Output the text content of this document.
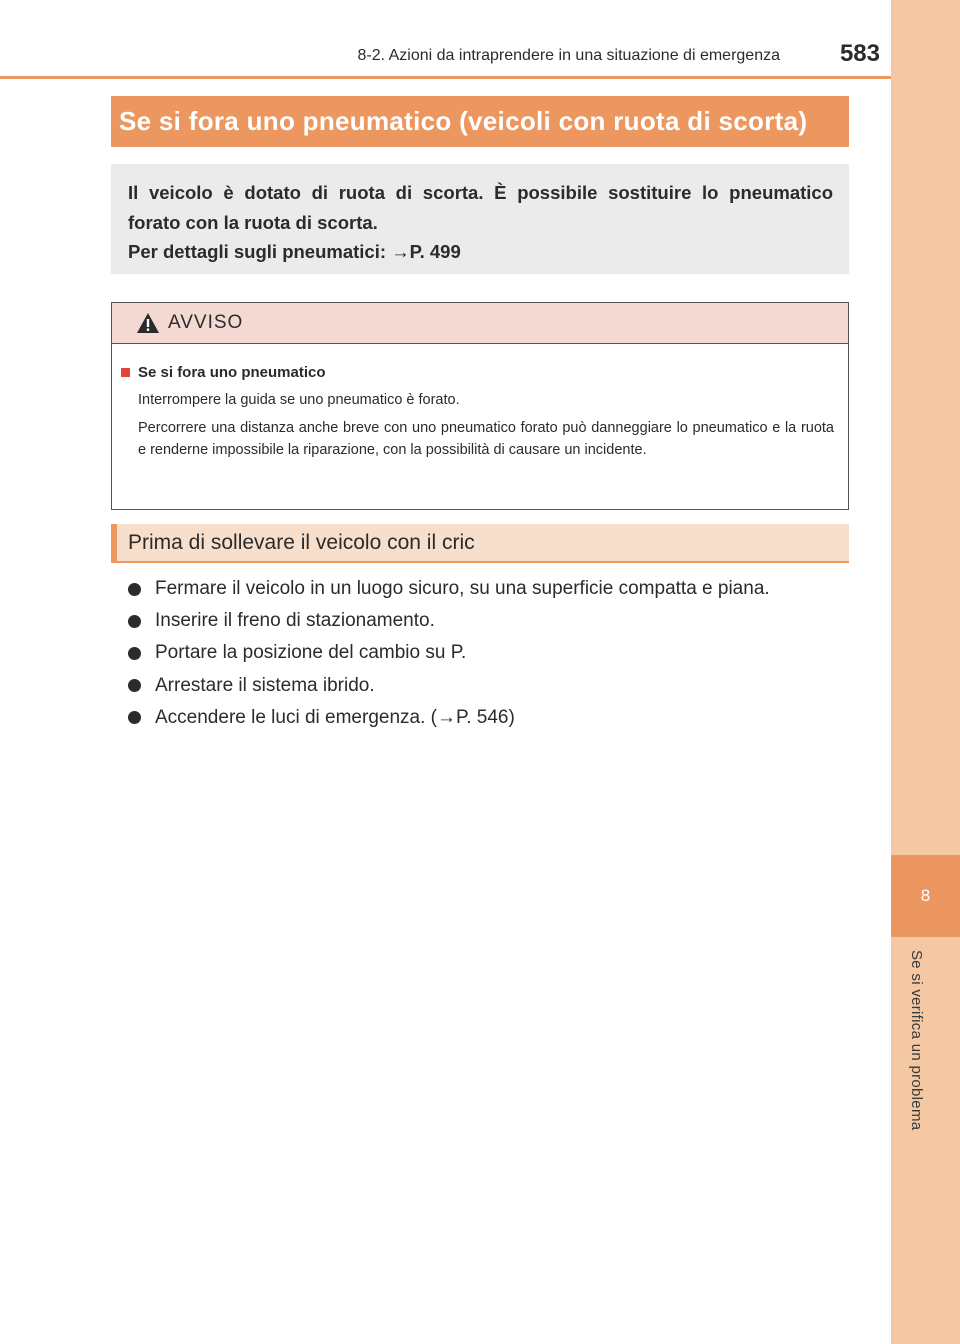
8
Se si verifica un problema
8-2. Azioni da intraprendere in una situazione di emergenza 583
Se si fora uno pneumatico (veicoli con ruota di scorta)
Il veicolo è dotato di ruota di scorta. È possibile sostituire lo pneumatico
forato con la ruota di scorta.
Per dettagli sugli pneumatici: →P. 499
AVVISO
Se si fora uno pneumatico
Interrompere la guida se uno pneumatico è forato.
Percorrere una distanza anche breve con uno pneumatico forato può danneggiare lo pneumatico e la ruota e renderne impossibile la riparazione, con la possibilità di causare un incidente.
Prima di sollevare il veicolo con il cric
Fermare il veicolo in un luogo sicuro, su una superficie compatta e piana.
Inserire il freno di stazionamento.
Portare la posizione del cambio su P.
Arrestare il sistema ibrido.
Accendere le luci di emergenza. (→P. 546)
